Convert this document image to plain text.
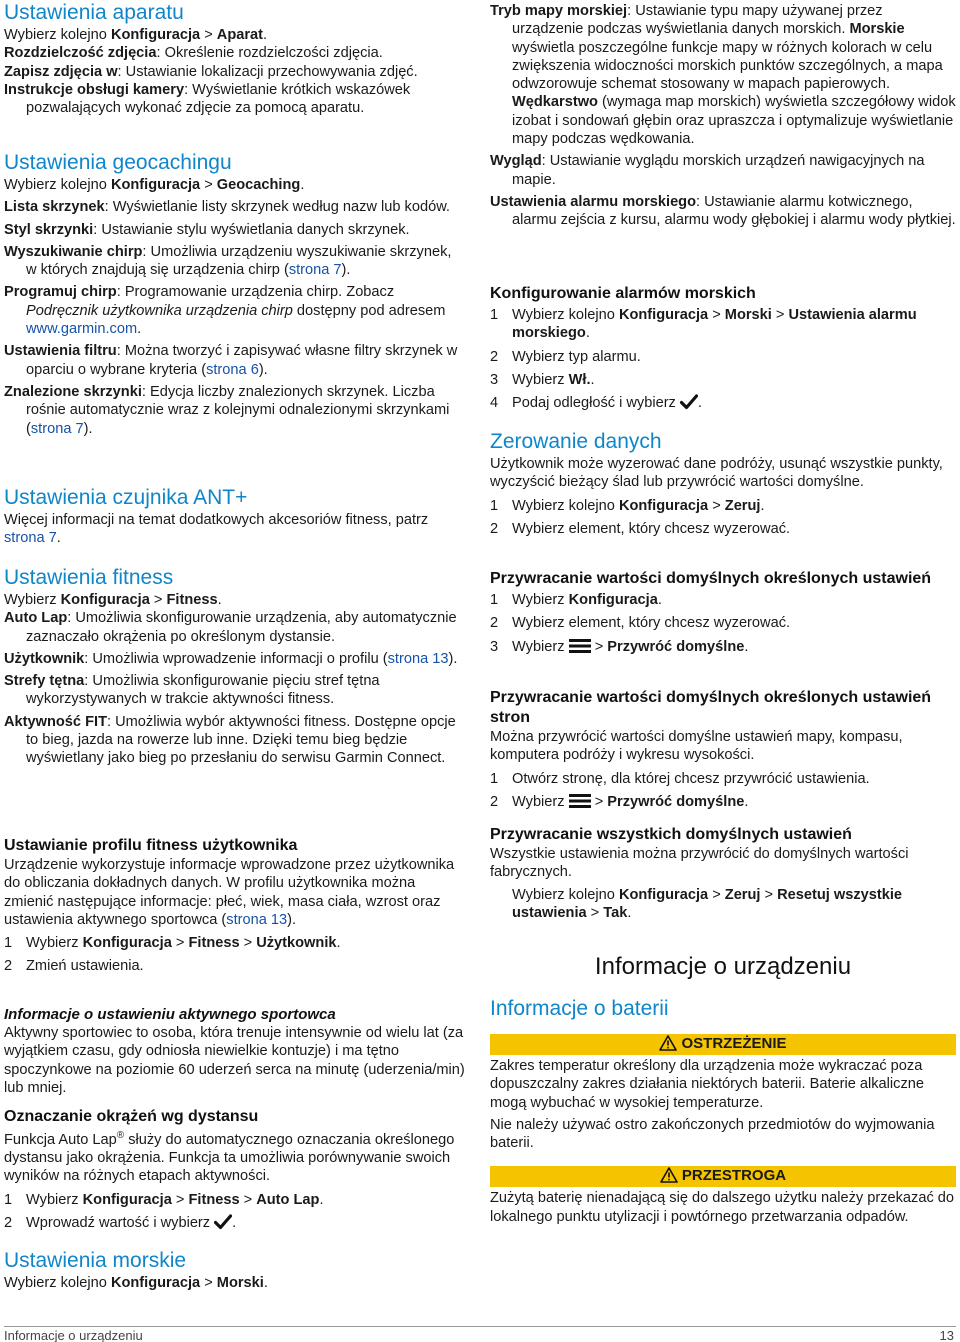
Ustawienia aparatu

Wybierz kolejno Konfiguracja > Aparat.

Rozdzielczość zdjęcia: Określenie rozdzielczości zdjęcia.

Zapisz zdjęcia w: Ustawianie lokalizacji przechowywania zdjęć.

Instrukcje obsługi kamery: Wyświetlanie krótkich wskazówek pozwalających wykonać zdjęcie za pomocą aparatu.

Ustawienia geocachingu

Wybierz kolejno Konfiguracja > Geocaching.

Lista skrzynek: Wyświetlanie listy skrzynek według nazw lub kodów.

Styl skrzynki: Ustawianie stylu wyświetlania danych skrzynek.

Wyszukiwanie chirp: Umożliwia urządzeniu wyszukiwanie skrzynek, w których znajdują się urządzenia chirp (strona 7).

Programuj chirp: Programowanie urządzenia chirp. Zobacz Podręcznik użytkownika urządzenia chirp dostępny pod adresem www.garmin.com.

Ustawienia filtru: Można tworzyć i zapisywać własne filtry skrzynek w oparciu o wybrane kryteria (strona 6).

Znalezione skrzynki: Edycja liczby znalezionych skrzynek. Liczba rośnie automatycznie wraz z kolejnymi odnalezionymi skrzynkami (strona 7).

Ustawienia czujnika ANT+

Więcej informacji na temat dodatkowych akcesoriów fitness, patrz strona 7.

Ustawienia fitness

Wybierz Konfiguracja > Fitness.

Auto Lap: Umożliwia skonfigurowanie urządzenia, aby automatycznie zaznaczało okrążenia po określonym dystansie.

Użytkownik: Umożliwia wprowadzenie informacji o profilu (strona 13).

Strefy tętna: Umożliwia skonfigurowanie pięciu stref tętna wykorzystywanych w trakcie aktywności fitness.

Aktywność FIT: Umożliwia wybór aktywności fitness. Dostępne opcje to bieg, jazda na rowerze lub inne. Dzięki temu bieg będzie wyświetlany jako bieg po przesłaniu do serwisu Garmin Connect.

Ustawianie profilu fitness użytkownika

Urządzenie wykorzystuje informacje wprowadzone przez użytkownika do obliczania dokładnych danych. W profilu użytkownika można zmienić następujące informacje: płeć, wiek, masa ciała, wzrost oraz ustawienia aktywnego sportowca (strona 13).

1 Wybierz Konfiguracja > Fitness > Użytkownik.

2 Zmień ustawienia.

Informacje o ustawieniu aktywnego sportowca

Aktywny sportowiec to osoba, która trenuje intensywnie od wielu lat (za wyjątkiem czasu, gdy odniosła niewielkie kontuzje) i ma tętno spoczynkowe na poziomie 60 uderzeń serca na minutę (uderzenia/min) lub mniej.

Oznaczanie okrążeń wg dystansu

Funkcja Auto Lap® służy do automatycznego oznaczania określonego dystansu jako okrążenia. Funkcja ta umożliwia porównywanie swoich wyników na różnych etapach aktywności.

1 Wybierz Konfiguracja > Fitness > Auto Lap.

2 Wprowadź wartość i wybierz .

Ustawienia morskie

Wybierz kolejno Konfiguracja > Morski.

Tryb mapy morskiej: Ustawianie typu mapy używanej przez urządzenie podczas wyświetlania danych morskich. Morskie wyświetla poszczególne funkcje mapy w różnych kolorach w celu zwiększenia widoczności morskich punktów szczególnych, a mapa odwzorowuje schemat stosowany w mapach papierowych. Wędkarstwo (wymaga map morskich) wyświetla szczegółowy widok izobat i sondowań głębin oraz upraszcza i optymalizuje wyświetlanie mapy podczas wędkowania.

Wygląd: Ustawianie wyglądu morskich urządzeń nawigacyjnych na mapie.

Ustawienia alarmu morskiego: Ustawianie alarmu kotwicznego, alarmu zejścia z kursu, alarmu wody głębokiej i alarmu wody płytkiej.

Konfigurowanie alarmów morskich

1 Wybierz kolejno Konfiguracja > Morski > Ustawienia alarmu morskiego.

2 Wybierz typ alarmu.

3 Wybierz Wł..

4 Podaj odległość i wybierz .

Zerowanie danych

Użytkownik może wyzerować dane podróży, usunąć wszystkie punkty, wyczyścić bieżący ślad lub przywrócić wartości domyślne.

1 Wybierz kolejno Konfiguracja > Zeruj.

2 Wybierz element, który chcesz wyzerować.

Przywracanie wartości domyślnych określonych ustawień

1 Wybierz Konfiguracja.

2 Wybierz element, który chcesz wyzerować.

3 Wybierz  > Przywróć domyślne.

Przywracanie wartości domyślnych określonych ustawień stron

Można przywrócić wartości domyślne ustawień mapy, kompasu, komputera podróży i wykresu wysokości.

1 Otwórz stronę, dla której chcesz przywrócić ustawienia.

2 Wybierz  > Przywróć domyślne.

Przywracanie wszystkich domyślnych ustawień

Wszystkie ustawienia można przywrócić do domyślnych wartości fabrycznych.

Wybierz kolejno Konfiguracja > Zeruj > Resetuj wszystkie ustawienia > Tak.

Informacje o urządzeniu
Informacje o baterii
OSTRZEŻENIE

Zakres temperatur określony dla urządzenia może wykraczać poza dopuszczalny zakres działania niektórych baterii. Baterie alkaliczne mogą wybuchać w wysokiej temperaturze.

Nie należy używać ostro zakończonych przedmiotów do wyjmowania baterii.

PRZESTROGA

Zużytą baterię nienadającą się do dalszego użytku należy przekazać do lokalnego punktu utylizacji i powtórnego przetwarzania odpadów.

Informacje o urządzeniu	13
